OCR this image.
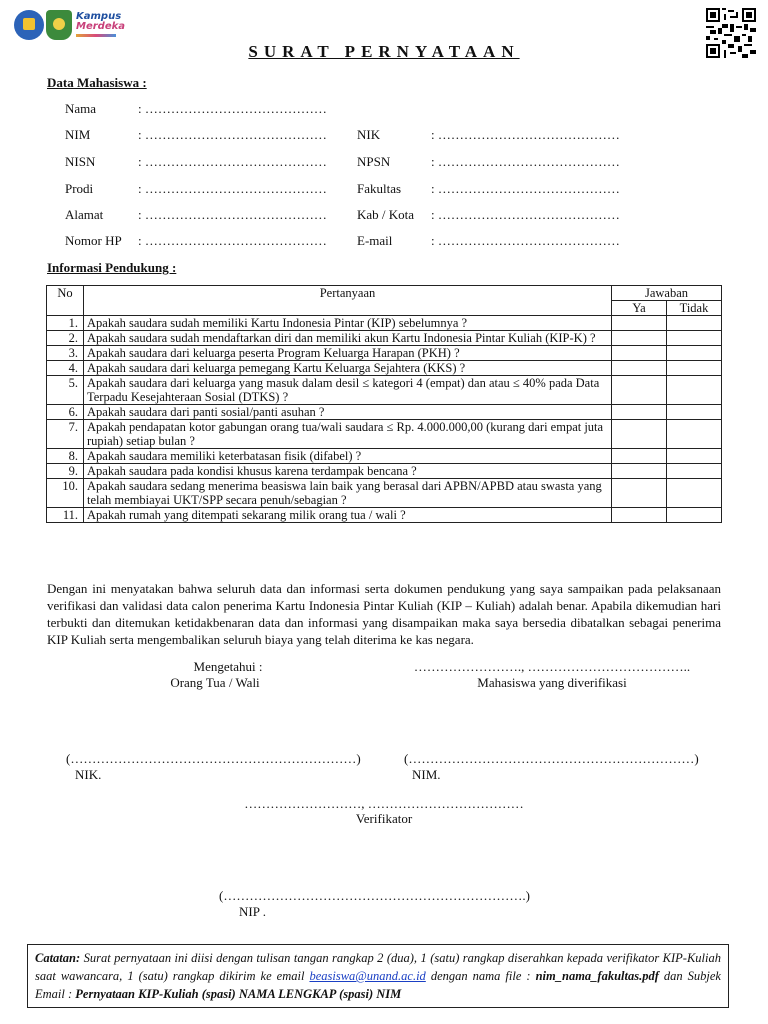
Kampus
Merdeka
SURAT PERNYATAAN
Data Mahasiswa :
Nama	: ……………………………………
NIM	: …………………………………… NIK	: ……………………………………
NISN	: …………………………………… NPSN	: ……………………………………
Prodi	: …………………………………… Fakultas	: ……………………………………
Alamat	: …………………………………… Kab / Kota	: ……………………………………
Nomor HP	: …………………………………… E-mail	: ……………………………………
Informasi Pendukung :
No	Pertanyaan	Jawaban	
		Ya	Tidak
1.	Apakah saudara sudah memiliki Kartu Indonesia Pintar (KIP) sebelumnya ?		
2.	Apakah saudara sudah mendaftarkan diri dan memiliki akun Kartu Indonesia Pintar Kuliah (KIP-K) ?		
3.	Apakah saudara dari keluarga peserta Program Keluarga Harapan (PKH) ?		
4.	Apakah saudara dari keluarga pemegang Kartu Keluarga Sejahtera (KKS) ?		
5.	Apakah saudara dari keluarga yang masuk dalam desil ≤ kategori 4 (empat) dan atau ≤ 40% pada Data Terpadu Kesejahteraan Sosial (DTKS) ?		
6.	Apakah saudara dari panti sosial/panti asuhan ?		
7.	Apakah pendapatan kotor gabungan orang tua/wali saudara ≤ Rp. 4.000.000,00 (kurang dari empat juta rupiah) setiap bulan ?		
8.	Apakah saudara memiliki keterbatasan fisik (difabel) ?		
9.	Apakah saudara pada kondisi khusus karena terdampak bencana ?		
10.	Apakah saudara sedang menerima beasiswa lain baik yang berasal dari APBN/APBD atau swasta yang telah membiayai UKT/SPP secara penuh/sebagian ?		
11.	Apakah rumah yang ditempati sekarang milik orang tua / wali ?		
Dengan ini menyatakan bahwa seluruh data dan informasi serta dokumen pendukung yang saya sampaikan pada pelaksanaan verifikasi dan validasi data calon penerima Kartu Indonesia Pintar Kuliah (KIP – Kuliah) adalah benar. Apabila dikemudian hari terbukti dan ditemukan ketidakbenaran data dan informasi yang disampaikan maka saya bersedia dibatalkan sebagai penerima KIP Kuliah serta mengembalikan seluruh biaya yang telah diterima ke kas negara.
Mengetahui :
Orang Tua / Wali
……………………., ………………………………..
Mahasiswa yang diverifikasi
(…………………………………………………………)
NIK.
(…………………………………………………………)
NIM.
………………………, ………………………………
Verifikator
(…………………………………………………………….)
NIP .
Catatan: Surat pernyataan ini diisi dengan tulisan tangan rangkap 2 (dua), 1 (satu) rangkap diserahkan kepada verifikator KIP-Kuliah saat wawancara, 1 (satu) rangkap dikirim ke email beasiswa@unand.ac.id dengan nama file : nim_nama_fakultas.pdf dan Subjek Email : Pernyataan KIP-Kuliah (spasi) NAMA LENGKAP (spasi) NIM
